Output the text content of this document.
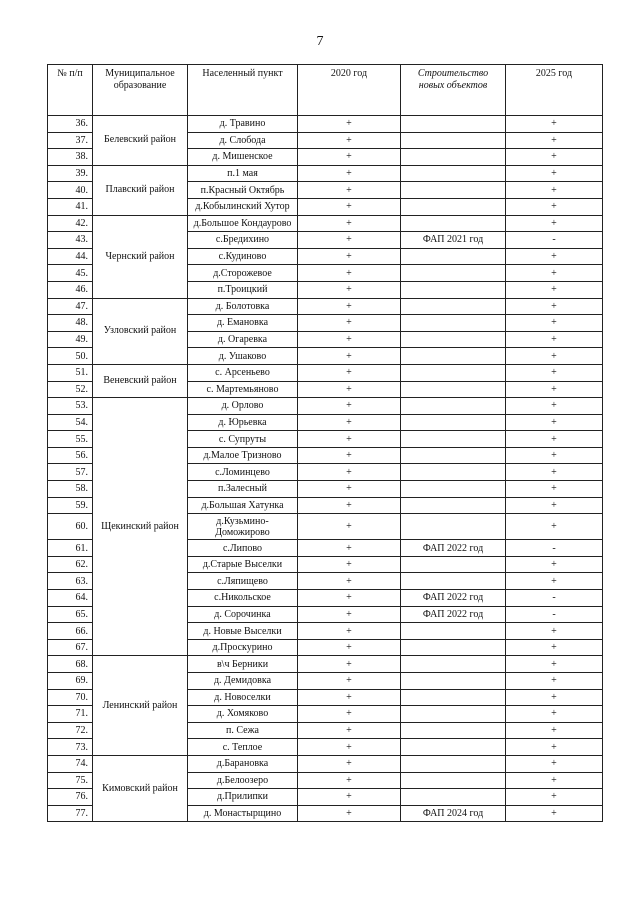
7
№ п/п	Муниципальное образование	Населенный пункт	2020 год	Строительство новых объектов	2025 год
36.	Белевский район	д. Травино	+		+
37.		д. Слобода	+		+
38.		д. Мишенское	+		+
39.	Плавский район	п.1 мая	+		+
40.		п.Красный Октябрь	+		+
41.		д.Кобылинский Хутор	+		+
42.	Чернский район	д.Большое Кондаурово	+		+
43.		с.Бредихино	+	ФАП 2021 год	-
44.		с.Кудиново	+		+
45.		д.Сторожевое	+		+
46.		п.Троицкий	+		+
47.	Узловский район	д. Болотовка	+		+
48.		д. Емановка	+		+
49.		д. Огаревка	+		+
50.		д. Ушаково	+		+
51.	Веневский район	с. Арсеньево	+		+
52.		с. Мартемьяново	+		+
53.	Щекинский район	д. Орлово	+		+
54.		д. Юрьевка	+		+
55.		с. Супруты	+		+
56.		д.Малое Тризново	+		+
57.		с.Ломинцево	+		+
58.		п.Залесный	+		+
59.		д.Большая Хатунка	+		+
60.		д.Кузьмино-Доможирово	+		+
61.		с.Липово	+	ФАП 2022 год	-
62.		д.Старые Выселки	+		+
63.		с.Ляпищево	+		+
64.		с.Никольское	+	ФАП 2022 год	-
65.		д. Сорочинка	+	ФАП 2022 год	-
66.		д. Новые Выселки	+		+
67.		д.Проскурино	+		+
68.	Ленинский район	в\ч Берники	+		+
69.		д. Демидовка	+		+
70.		д. Новоселки	+		+
71.		д. Хомяково	+		+
72.		п. Сежа	+		+
73.		с. Теплое	+		+
74.	Кимовский район	д.Барановка	+		+
75.		д.Белоозеро	+		+
76.		д.Прилипки	+		+
77.		д. Монастырщино	+	ФАП 2024 год	+
